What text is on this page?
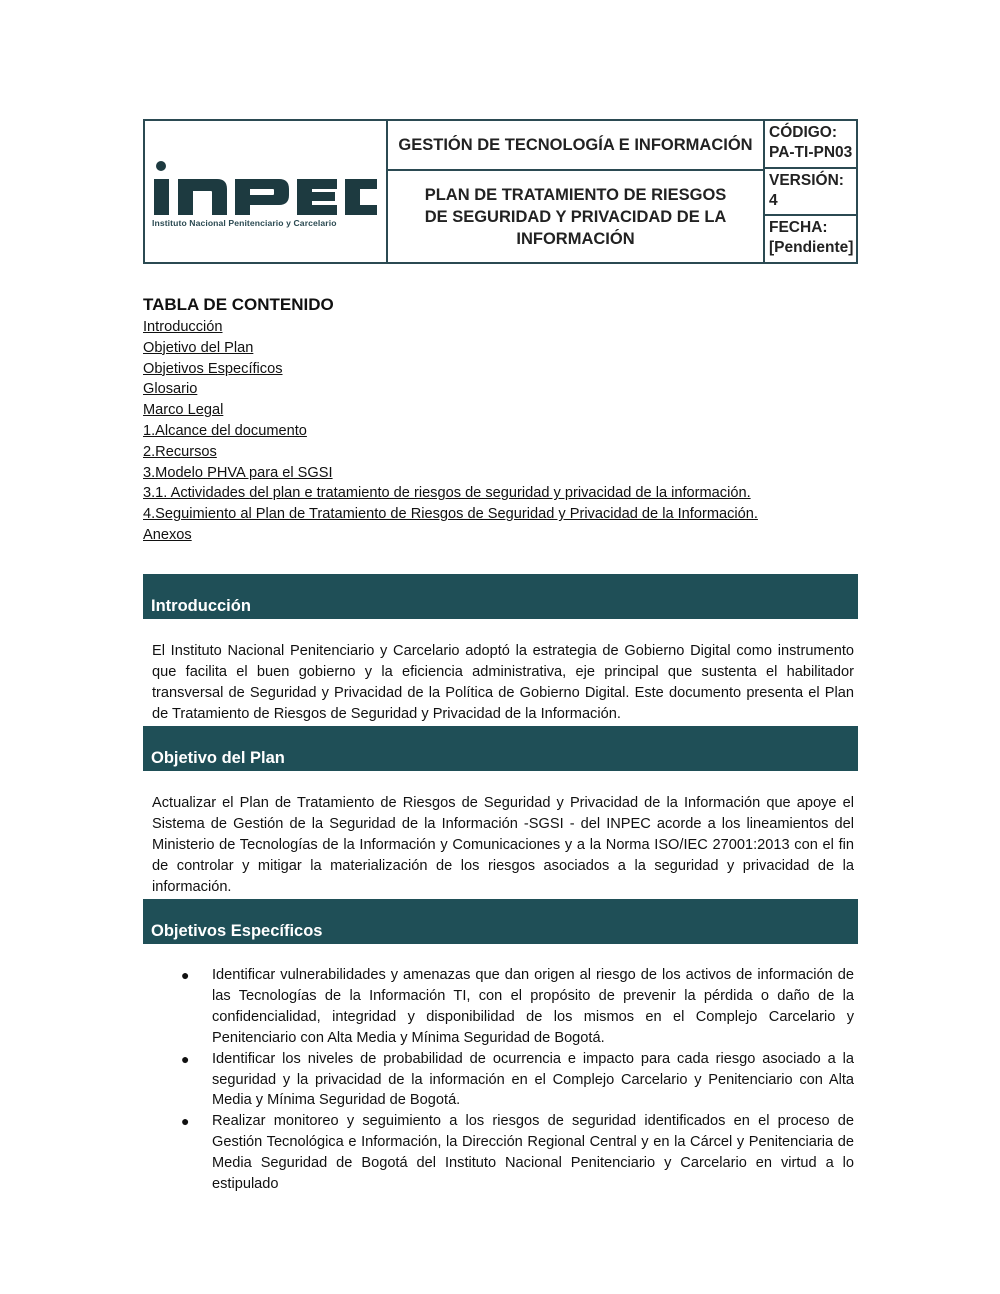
Instituto Nacional Penitenciario y Carcelario
GESTIÓN DE TECNOLOGÍA E INFORMACIÓN
PLAN DE TRATAMIENTO DE RIESGOS DE SEGURIDAD Y PRIVACIDAD DE LA INFORMACIÓN
CÓDIGO:
PA-TI-PN03
VERSIÓN:
4
FECHA:
[Pendiente]
TABLA DE CONTENIDO
Introducción
Objetivo del Plan
Objetivos Específicos
Glosario
Marco Legal
1.Alcance del documento
2.Recursos
3.Modelo PHVA para el SGSI
3.1. Actividades del plan e tratamiento de riesgos de seguridad y privacidad de la información.
4.Seguimiento al Plan de Tratamiento de Riesgos de Seguridad y Privacidad de la Información.
Anexos
Introducción

El Instituto Nacional Penitenciario y Carcelario adoptó la estrategia de Gobierno Digital como instrumento que facilita el buen gobierno y la eficiencia administrativa, eje principal que sustenta el habilitador transversal de Seguridad y Privacidad de la Política de Gobierno Digital. Este documento presenta el Plan de Tratamiento de Riesgos de Seguridad y Privacidad de la Información.

Objetivo del Plan

Actualizar el Plan de Tratamiento de Riesgos de Seguridad y Privacidad de la Información que apoye el Sistema de Gestión de la Seguridad de la Información -SGSI - del INPEC acorde a los lineamientos del Ministerio de Tecnologías de la Información y Comunicaciones y a la Norma ISO/IEC 27001:2013 con el fin de controlar y mitigar la materialización de los riesgos asociados a la seguridad y privacidad de la información.

Objetivos Específicos
● Identificar vulnerabilidades y amenazas que dan origen al riesgo de los activos de información de las Tecnologías de la Información TI, con el propósito de prevenir la pérdida o daño de la confidencialidad, integridad y disponibilidad de los mismos en el Complejo Carcelario y Penitenciario con Alta Media y Mínima Seguridad de Bogotá.
● Identificar los niveles de probabilidad de ocurrencia e impacto para cada riesgo asociado a la seguridad y la privacidad de la información en el Complejo Carcelario y Penitenciario con Alta Media y Mínima Seguridad de Bogotá.
● Realizar monitoreo y seguimiento a los riesgos de seguridad identificados en el proceso de Gestión Tecnológica e Información, la Dirección Regional Central y en la Cárcel y Penitenciaria de Media Seguridad de Bogotá del Instituto Nacional Penitenciario y Carcelario en virtud a lo estipulado
